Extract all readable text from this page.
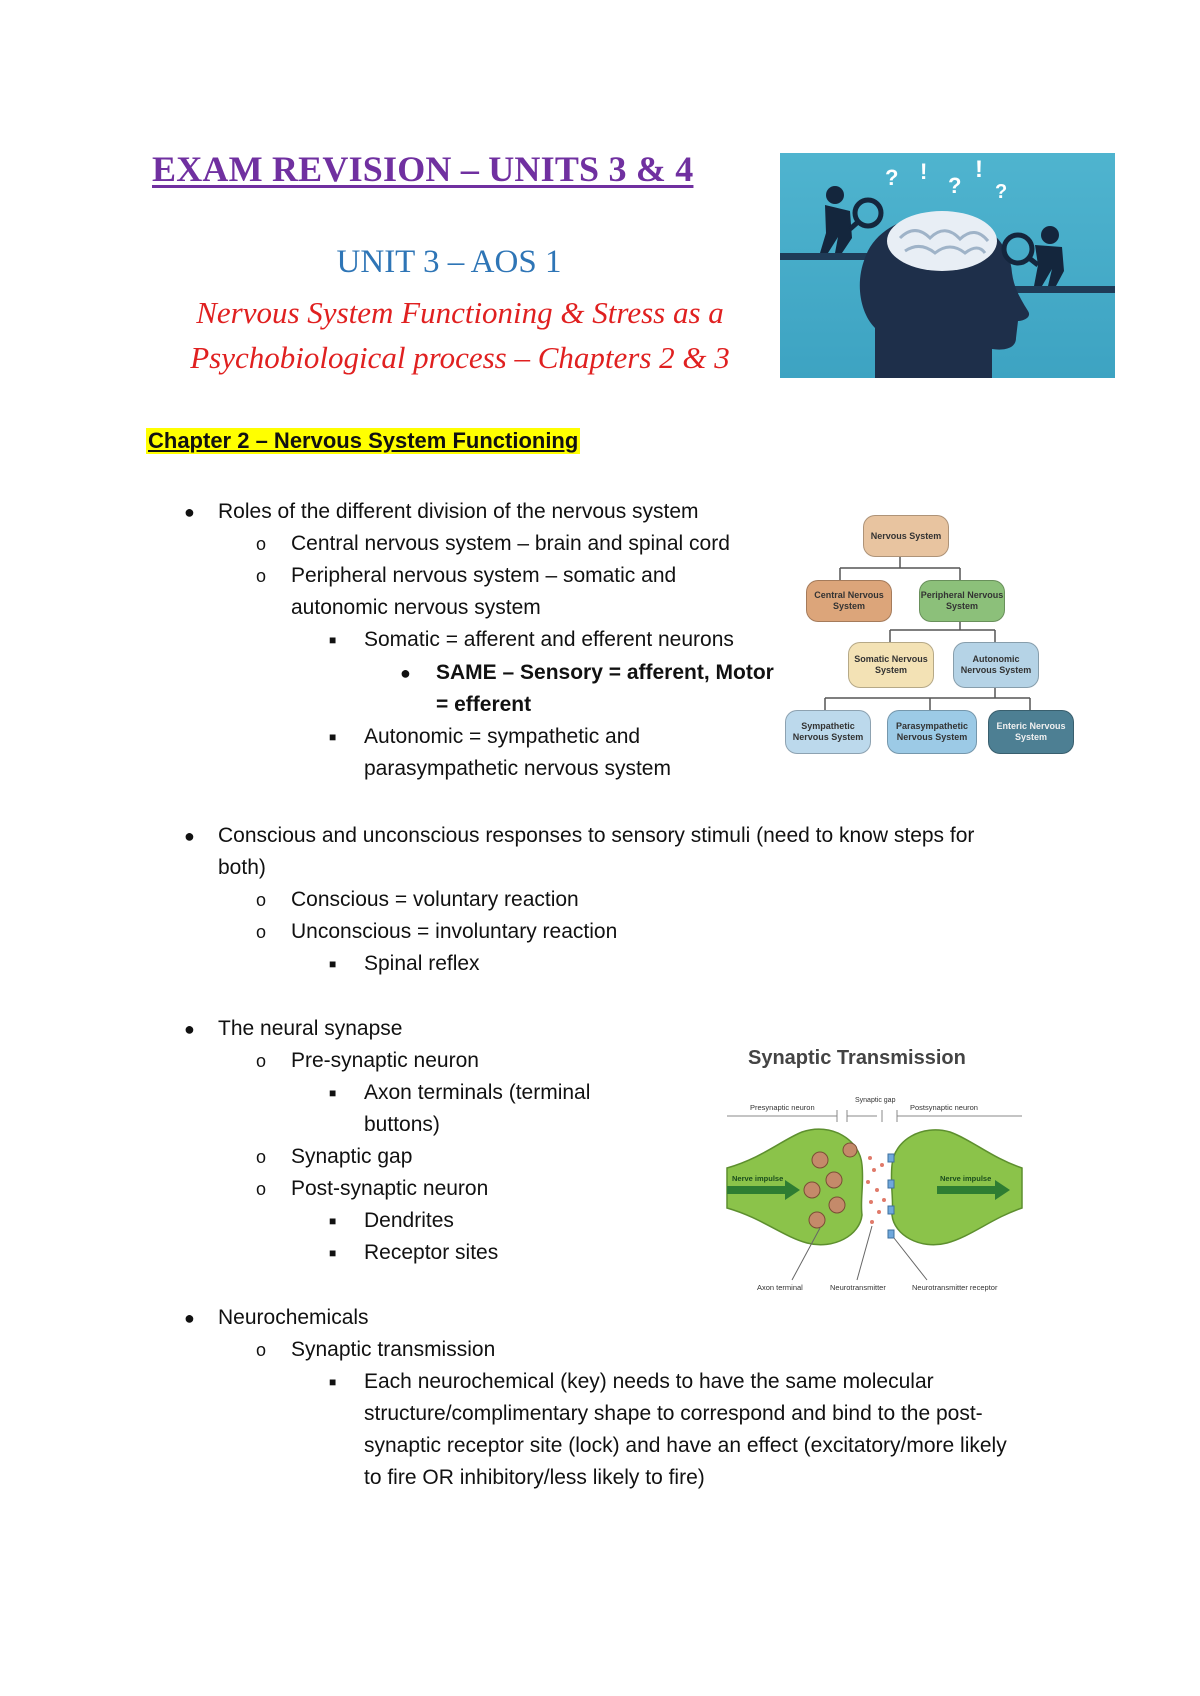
EXAM REVISION – UNITS 3 & 4
UNIT 3 – AOS 1
Nervous System Functioning & Stress as a
Psychobiological process – Chapters 2 & 3
? !
?
!
?
Chapter 2 – Nervous System Functioning
● Roles of the different division of the nervous system
o Central nervous system – brain and spinal cord
o Peripheral nervous system – somatic and
autonomic nervous system
■ Somatic = afferent and efferent neurons
● SAME – Sensory = afferent, Motor
= efferent
■ Autonomic = sympathetic and
parasympathetic nervous system
Nervous System
Central Nervous System
Peripheral Nervous System
Somatic Nervous System
Autonomic Nervous System
Sympathetic Nervous System
Parasympathetic Nervous System
Enteric Nervous System
● Conscious and unconscious responses to sensory stimuli (need to know steps for
both)
o Conscious = voluntary reaction
o Unconscious = involuntary reaction
■ Spinal reflex
● The neural synapse
o Pre-synaptic neuron
■ Axon terminals (terminal
buttons)
o Synaptic gap
o Post-synaptic neuron
■ Dendrites
■ Receptor sites
Synaptic Transmission
Presynaptic neuron
Synaptic gap
Postsynaptic neuron
Nerve impulse	Nerve impulse
Axon terminal	Neurotransmitter	Neurotransmitter receptor
● Neurochemicals
o Synaptic transmission
■ Each neurochemical (key) needs to have the same molecular
structure/complimentary shape to correspond and bind to the post-
synaptic receptor site (lock) and have an effect (excitatory/more likely
to fire OR inhibitory/less likely to fire)
